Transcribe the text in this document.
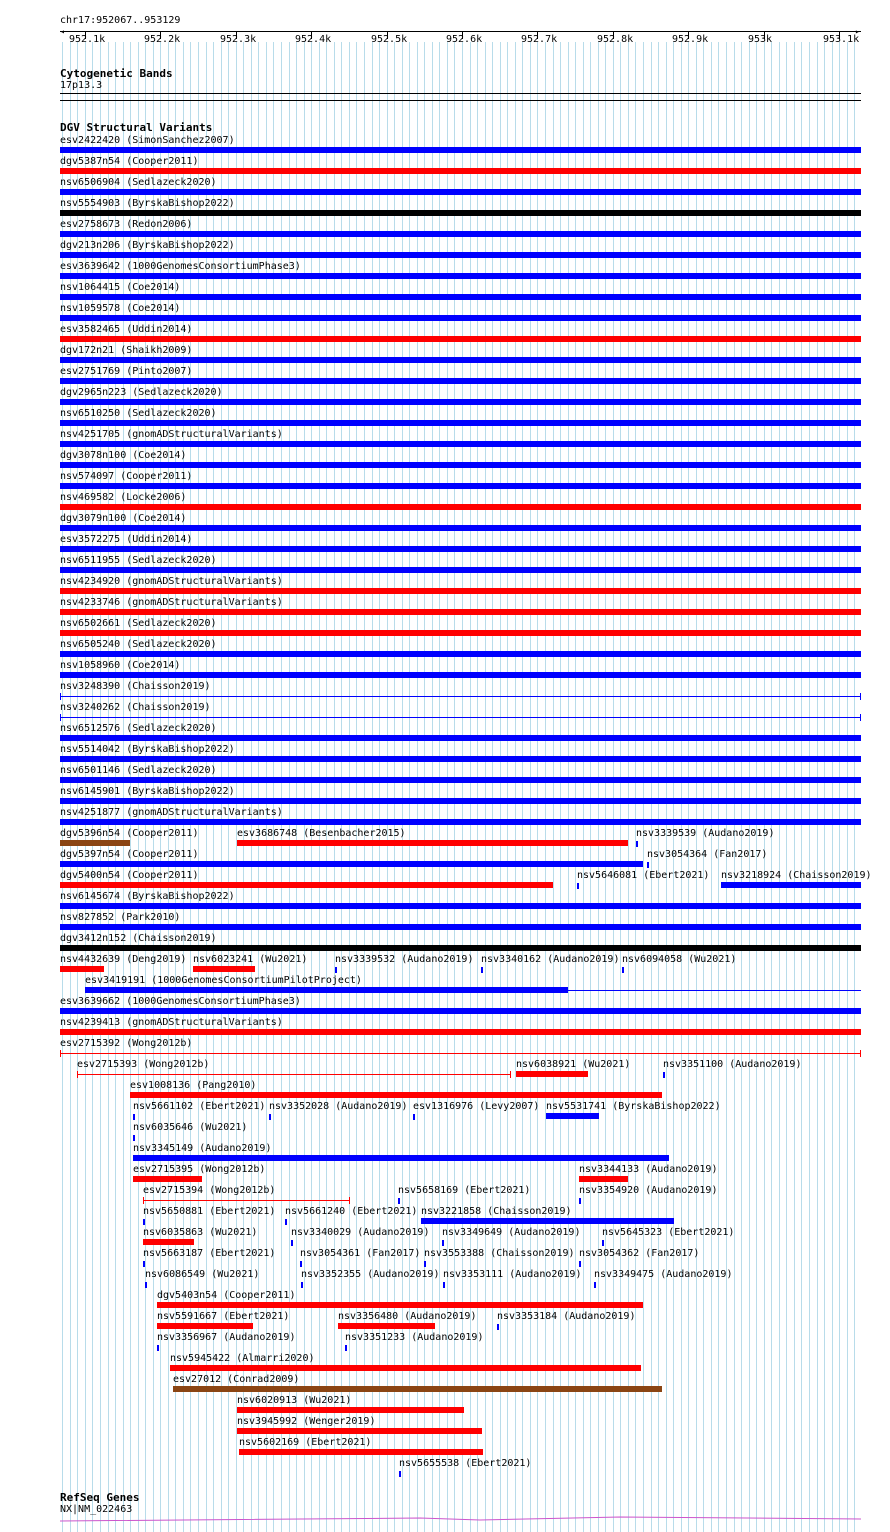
chr17:952067..953129
◂	▸
Cytogenetic Bands
17p13.3
DGV Structural Variants
esv2422420 (SimonSanchez2007)
dgv5387n54 (Cooper2011)
nsv6506904 (Sedlazeck2020)
nsv5554903 (ByrskaBishop2022)
esv2758673 (Redon2006)
dgv213n206 (ByrskaBishop2022)
esv3639642 (1000GenomesConsortiumPhase3)
nsv1064415 (Coe2014)
nsv1059578 (Coe2014)
esv3582465 (Uddin2014)
dgv172n21 (Shaikh2009)
esv2751769 (Pinto2007)
dgv2965n223 (Sedlazeck2020)
nsv6510250 (Sedlazeck2020)
nsv4251705 (gnomADStructuralVariants)
dgv3078n100 (Coe2014)
nsv574097 (Cooper2011)
nsv469582 (Locke2006)
dgv3079n100 (Coe2014)
esv3572275 (Uddin2014)
nsv6511955 (Sedlazeck2020)
nsv4234920 (gnomADStructuralVariants)
nsv4233746 (gnomADStructuralVariants)
nsv6502661 (Sedlazeck2020)
nsv6505240 (Sedlazeck2020)
nsv1058960 (Coe2014)
nsv3248390 (Chaisson2019)
nsv3240262 (Chaisson2019)
nsv6512576 (Sedlazeck2020)
nsv5514042 (ByrskaBishop2022)
nsv6501146 (Sedlazeck2020)
nsv6145901 (ByrskaBishop2022)
nsv4251877 (gnomADStructuralVariants)
dgv5396n54 (Cooper2011)	esv3686748 (Besenbacher2015)	nsv3339539 (Audano2019)
dgv5397n54 (Cooper2011)	nsv3054364 (Fan2017)
dgv5400n54 (Cooper2011)	nsv5646081 (Ebert2021) nsv3218924 (Chaisson2019)
nsv6145674 (ByrskaBishop2022)
nsv827852 (Park2010)
dgv3412n152 (Chaisson2019)
nsv4432639 (Deng2019) nsv6023241 (Wu2021)	nsv3339532 (Audano2019) nsv3340162 (Audano2019) nsv6094058 (Wu2021)
esv3419191 (1000GenomesConsortiumPilotProject)
esv3639662 (1000GenomesConsortiumPhase3)
nsv4239413 (gnomADStructuralVariants)
esv2715392 (Wong2012b)
esv2715393 (Wong2012b)	nsv6038921 (Wu2021)	nsv3351100 (Audano2019)
esv1008136 (Pang2010)
nsv5661102 (Ebert2021) nsv3352028 (Audano2019) esv1316976 (Levy2007) nsv5531741 (ByrskaBishop2022)
nsv6035646 (Wu2021)
nsv3345149 (Audano2019)
esv2715395 (Wong2012b)	nsv3344133 (Audano2019)
esv2715394 (Wong2012b)	nsv5658169 (Ebert2021)	nsv3354920 (Audano2019)
nsv5650881 (Ebert2021) nsv5661240 (Ebert2021) nsv3221858 (Chaisson2019)
nsv6035863 (Wu2021)	nsv3340029 (Audano2019) nsv3349649 (Audano2019) nsv5645323 (Ebert2021)
nsv5663187 (Ebert2021) nsv3054361 (Fan2017) nsv3553388 (Chaisson2019) nsv3054362 (Fan2017)
nsv6086549 (Wu2021)	nsv3352355 (Audano2019) nsv3353111 (Audano2019) nsv3349475 (Audano2019)
dgv5403n54 (Cooper2011)
nsv5591667 (Ebert2021)	nsv3356480 (Audano2019) nsv3353184 (Audano2019)
nsv3356967 (Audano2019)	nsv3351233 (Audano2019)
nsv5945422 (Almarri2020)
esv27012 (Conrad2009)
nsv6020913 (Wu2021)
nsv3945992 (Wenger2019)
nsv5602169 (Ebert2021)
nsv5655538 (Ebert2021)
RefSeq Genes
NX|NM_022463
952.1k	952.2k	952.3k	952.4k	952.5k	952.6k	952.7k	952.8k	952.9k	953k	953.1k
